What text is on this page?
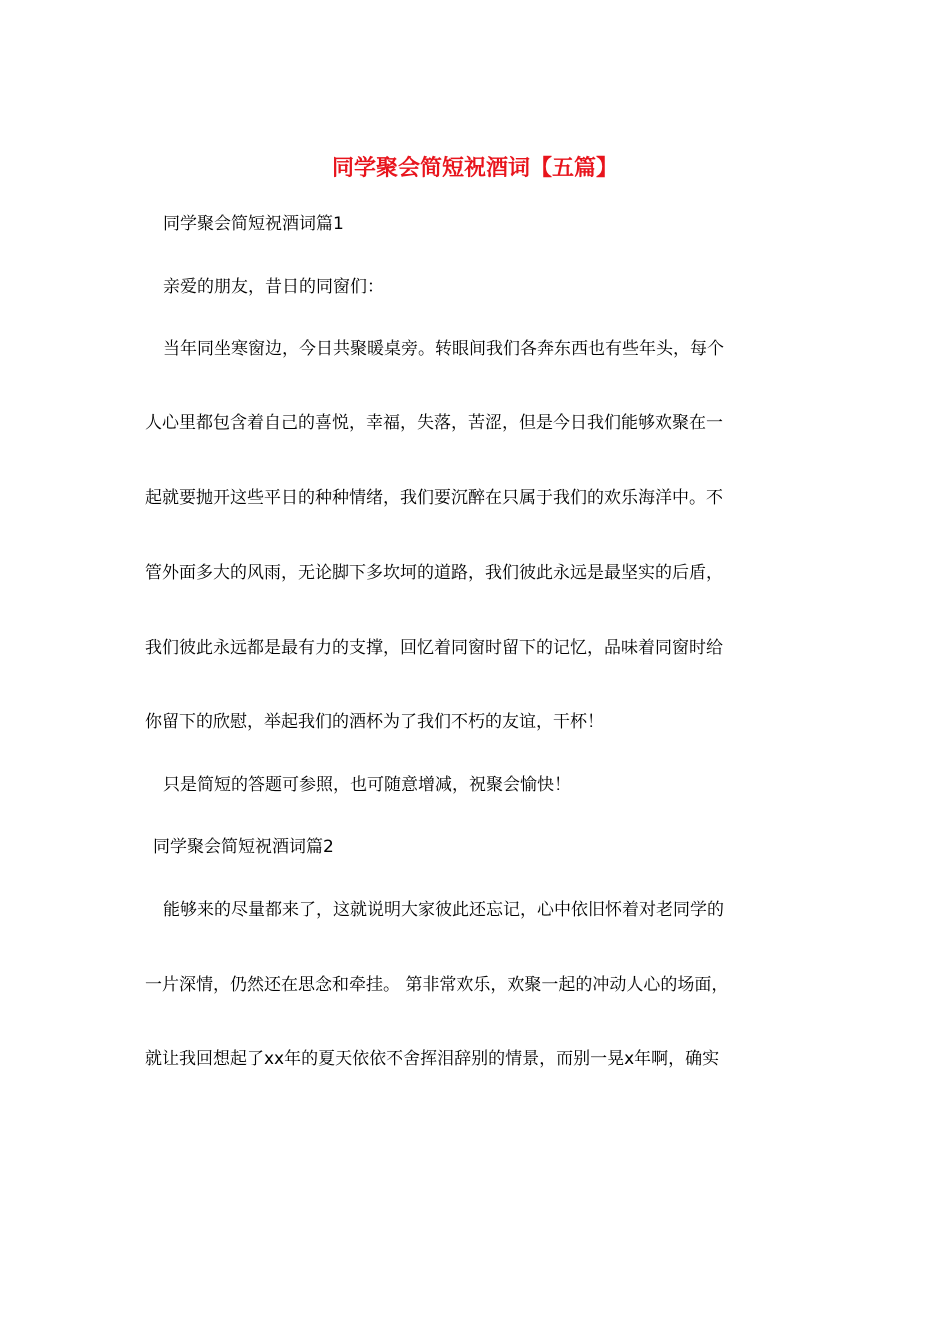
同学聚会简短祝酒词【五篇】

同学聚会简短祝酒词篇1

亲爱的朋友，昔日的同窗们：

当年同坐寒窗边，今日共聚暖桌旁。转眼间我们各奔东西也有些年头，每个

人心里都包含着自己的喜悦，幸福，失落，苦涩，但是今日我们能够欢聚在一

起就要抛开这些平日的种种情绪，我们要沉醉在只属于我们的欢乐海洋中。不

管外面多大的风雨，无论脚下多坎坷的道路，我们彼此永远是最坚实的后盾，

我们彼此永远都是最有力的支撑，回忆着同窗时留下的记忆，品味着同窗时给

你留下的欣慰，举起我们的酒杯为了我们不朽的友谊，干杯！

只是简短的答题可参照，也可随意增减，祝聚会愉快！

同学聚会简短祝酒词篇2

能够来的尽量都来了，这就说明大家彼此还忘记，心中依旧怀着对老同学的

一片深情，仍然还在思念和牵挂。 第非常欢乐，欢聚一起的冲动人心的场面，

就让我回想起了xx年的夏天依依不舍挥泪辞别的情景，而别一晃x年啊，确实
